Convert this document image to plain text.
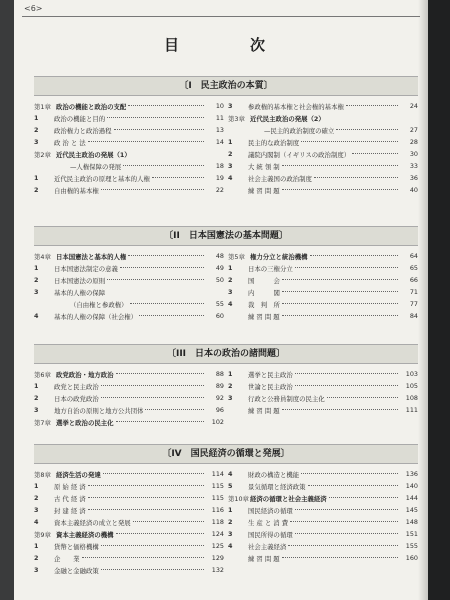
<6>
目　次
〔I　民主政治の本質〕
第1章 政治の機能と政治の支配	10
1	政治の機能と目的	11
2	政治権力と政治過程	13
3	政 治 と 法	14
第2章 近代民主政治の発展（1）
—人権保障の発展	18
1	近代民主政治の原理と基本的人権	19
2	自由権的基本権	22
3	参政権的基本権と社会権的基本権	24
第3章 近代民主政治の発展（2）
—民主的政治制度の確立	27
1	民主的な政治制度	28
2	議院内閣制（イギリスの政治制度）	30
3	大 統 領 制	33
4	社会主義国の政治制度	36
練 習 問 題	40
〔II　日本国憲法の基本問題〕
第4章 日本国憲法と基本的人権	48
1	日本国憲法制定の意義	49
2	日本国憲法の原則	50
3	基本的人権の保障
（自由権と参政権）	55
4	基本的人権の保障（社会権）	60
第5章 権力分立と統治機構	64
1	日本の三権分立	65
2	国　　　会	66
3	内　　　閣	71
4	裁　判　所	77
練 習 問 題	84
〔III　日本の政治の諸問題〕
第6章 政党政治・地方政治	88
1	政党と民主政治	89
2	日本の政党政治	92
3	地方自治の原則と地方公共団体	96
第7章 選挙と政治の民主化	102
1	選挙と民主政治	103
2	世論と民主政治	105
3	行政と公務員制度の民主化	108
練 習 問 題	111
〔IV　国民経済の循環と発展〕
第8章 経済生活の発達	114
1	原 始 経 済	115
2	古 代 経 済	115
3	封 建 経 済	116
4	資本主義経済の成立と発展	118
第9章 資本主義経済の機構	124
1	貨幣と価格機構	125
2	企　　業	129
3	金融と金融政策	132
4	財政の構造と機能	136
5	景気循環と経済政策	140
第10章 経済の循環と社会主義経済	144
1	国民経済の循環	145
2	生 産 と 消 費	148
3	国民所得の循環	151
4	社会主義経済	155
練 習 問 題	160
